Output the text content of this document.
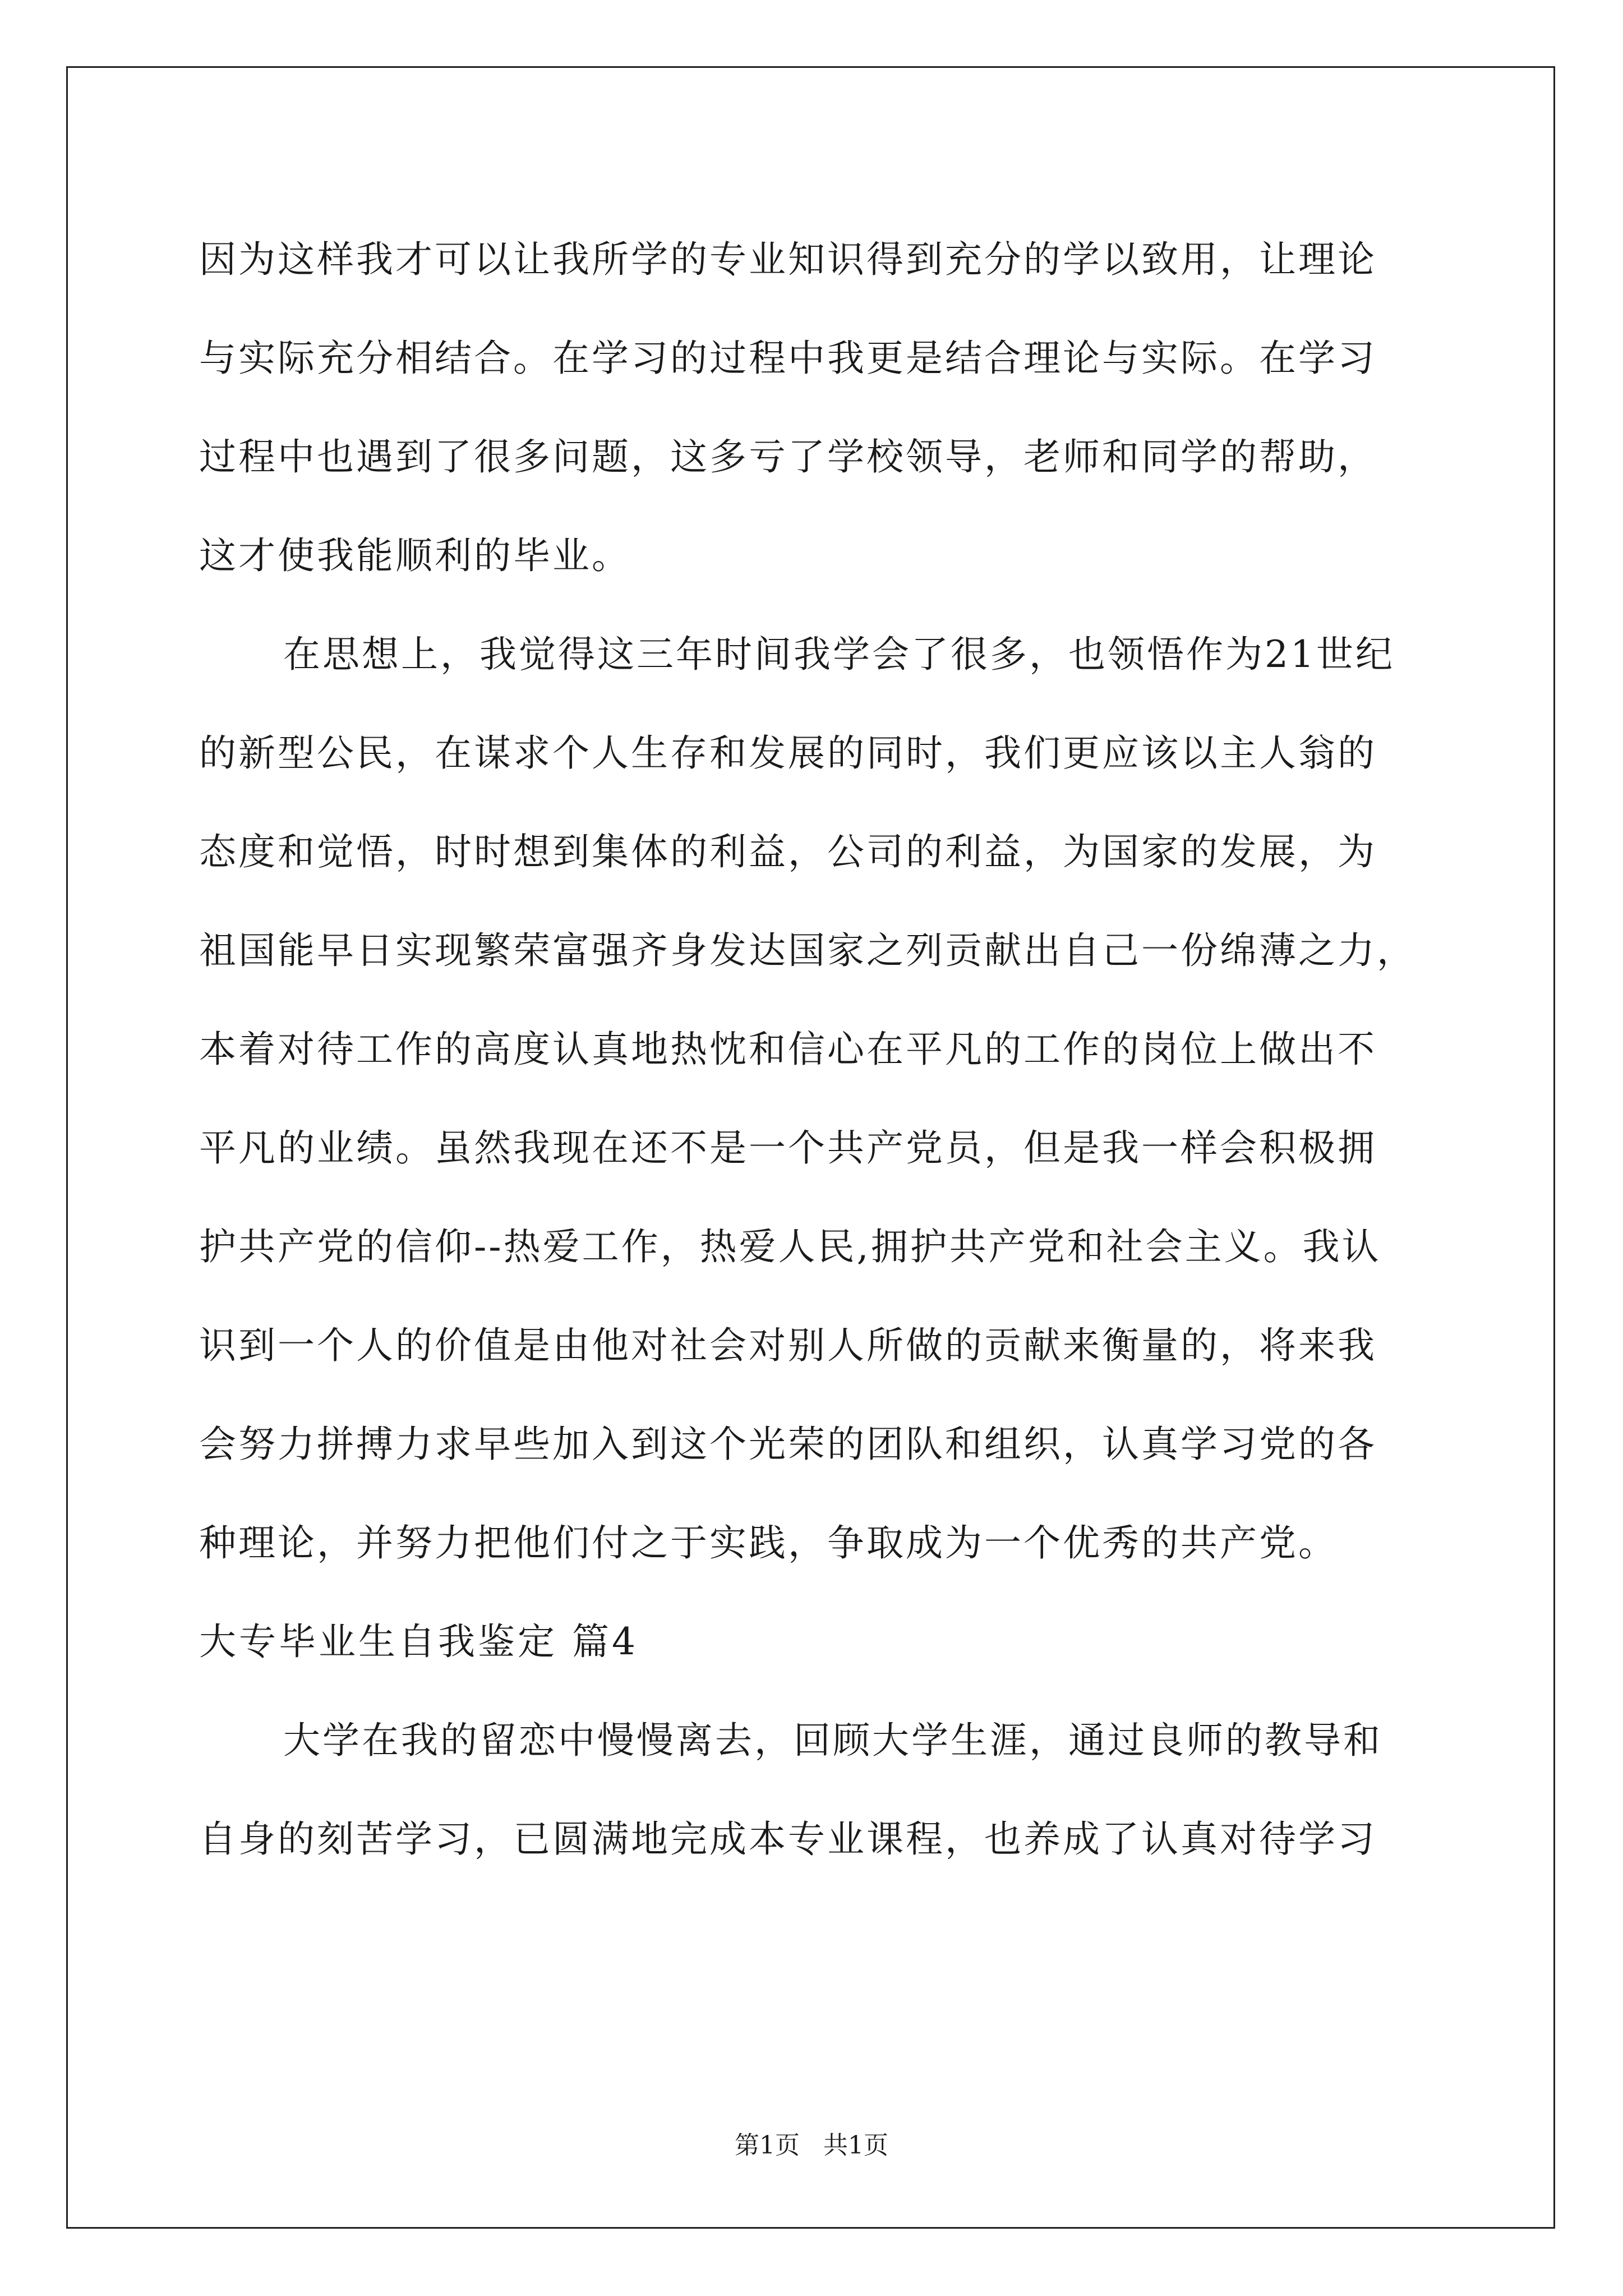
因为这样我才可以让我所学的专业知识得到充分的学以致用，让理论
与实际充分相结合。在学习的过程中我更是结合理论与实际。在学习
过程中也遇到了很多问题，这多亏了学校领导，老师和同学的帮助，
这才使我能顺利的毕业。
在思想上，我觉得这三年时间我学会了很多，也领悟作为21世纪
的新型公民，在谋求个人生存和发展的同时，我们更应该以主人翁的
态度和觉悟，时时想到集体的利益，公司的利益，为国家的发展，为
祖国能早日实现繁荣富强齐身发达国家之列贡献出自己一份绵薄之力，
本着对待工作的高度认真地热忱和信心在平凡的工作的岗位上做出不
平凡的业绩。虽然我现在还不是一个共产党员，但是我一样会积极拥
护共产党的信仰--热爱工作，热爱人民,拥护共产党和社会主义。我认
识到一个人的价值是由他对社会对别人所做的贡献来衡量的，将来我
会努力拼搏力求早些加入到这个光荣的团队和组织，认真学习党的各
种理论，并努力把他们付之于实践，争取成为一个优秀的共产党。
大专毕业生自我鉴定 篇4
大学在我的留恋中慢慢离去，回顾大学生涯，通过良师的教导和
自身的刻苦学习，已圆满地完成本专业课程，也养成了认真对待学习
第1页 共1页
